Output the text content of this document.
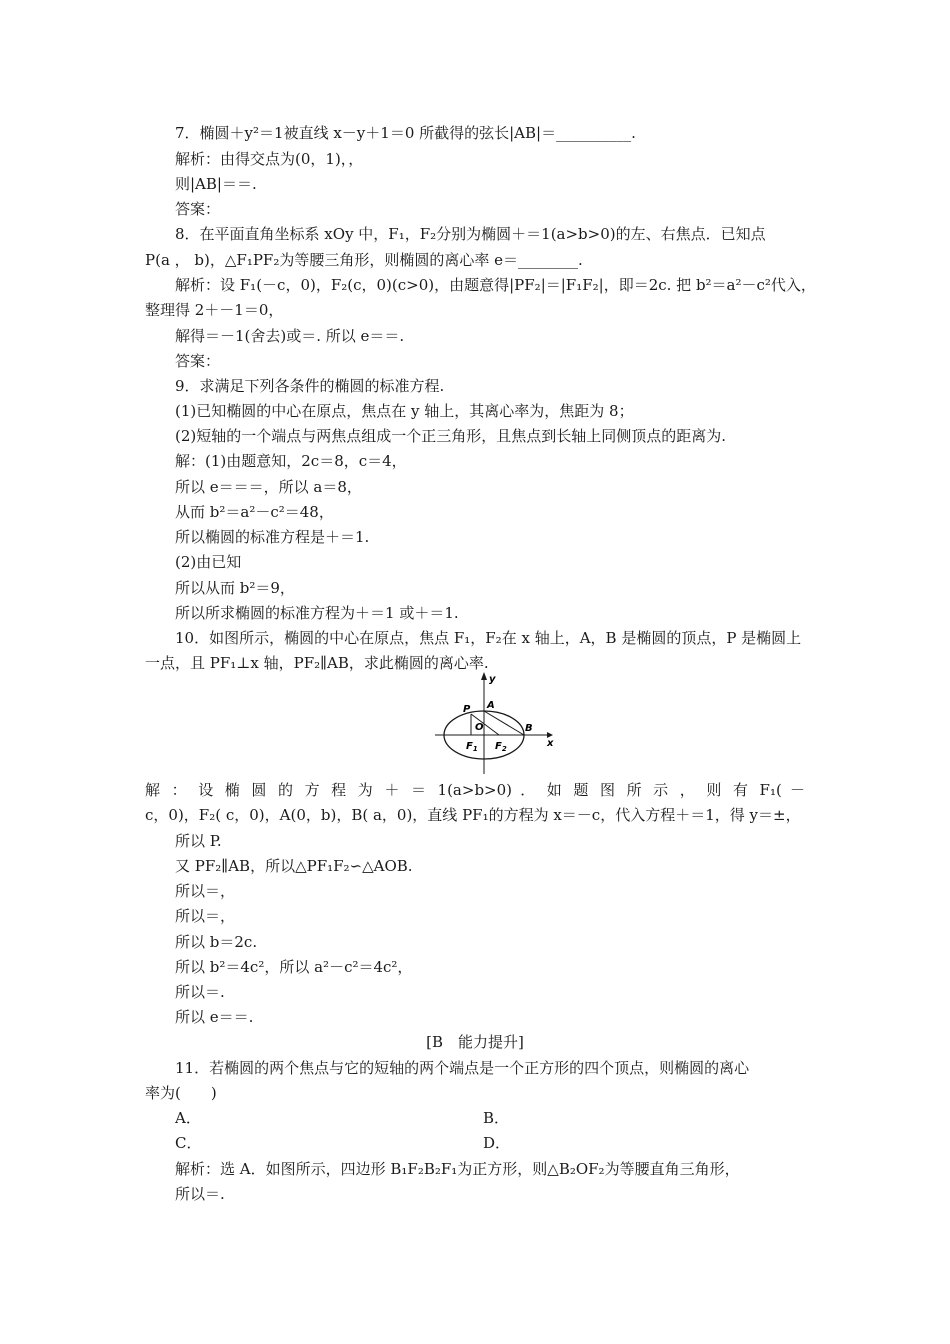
7．椭圆＋y²＝1被直线 x－y＋1＝0 所截得的弦长|AB|＝__________.
解析：由得交点为(0，1)，，
则|AB|＝＝.
答案：
8．在平面直角坐标系 xOy 中，F₁，F₂分别为椭圆＋＝1(a>b>0)的左、右焦点．已知点
P(a ， b)，△F₁PF₂为等腰三角形，则椭圆的离心率 e＝________.
解析：设 F₁(－c，0)，F₂(c，0)(c>0)，由题意得|PF₂|＝|F₁F₂|，即＝2c. 把 b²＝a²－c²代入，
整理得 2＋－1＝0，
解得＝－1(舍去)或＝. 所以 e＝＝.
答案：
9．求满足下列各条件的椭圆的标准方程.
(1)已知椭圆的中心在原点，焦点在 y 轴上，其离心率为，焦距为 8；
(2)短轴的一个端点与两焦点组成一个正三角形，且焦点到长轴上同侧顶点的距离为.
解：(1)由题意知，2c＝8，c＝4，
所以 e＝＝＝，所以 a＝8，
从而 b²＝a²－c²＝48，
所以椭圆的标准方程是＋＝1.
(2)由已知
所以从而 b²＝9，
所以所求椭圆的标准方程为＋＝1 或＋＝1.
10．如图所示，椭圆的中心在原点，焦点 F₁，F₂在 x 轴上，A，B 是椭圆的顶点，P 是椭圆上
一点，且 PF₁⊥x 轴，PF₂∥AB，求此椭圆的离心率.
y
x
P A
O	B
$F_1$ $F_2$
解 ： 设 椭 圆 的 方 程 为 ＋ ＝ 1(a>b>0) ． 如 题 图 所 示 ， 则 有 F₁( －
c，0)，F₂( c，0)，A(0，b)，B( a，0)，直线 PF₁的方程为 x＝－c，代入方程＋＝1，得 y＝±，
所以 P.
又 PF₂∥AB，所以△PF₁F₂∽△AOB.
所以＝，
所以＝，
所以 b＝2c.
所以 b²＝4c²，所以 a²－c²＝4c²，
所以＝.
所以 e＝＝.
[B　能力提升]
11．若椭圆的两个焦点与它的短轴的两个端点是一个正方形的四个顶点，则椭圆的离心
率为(　　)
A．	B．
C．	D．
解析：选 A．如图所示，四边形 B₁F₂B₂F₁为正方形，则△B₂OF₂为等腰直角三角形，
所以＝.
